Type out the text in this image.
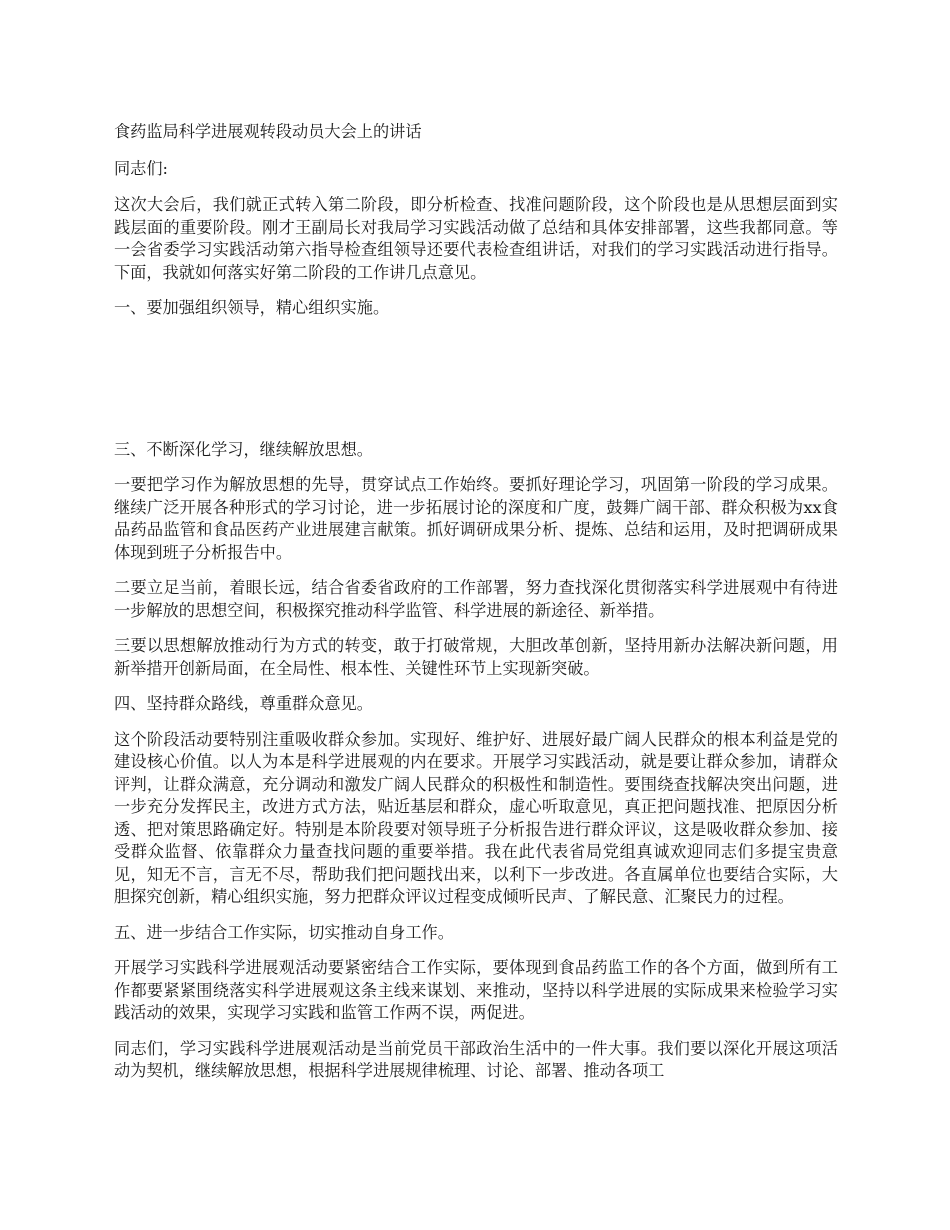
食药监局科学进展观转段动员大会上的讲话

同志们:

这次大会后，我们就正式转入第二阶段，即分析检查、找准问题阶段，这个阶段也是从思想层面到实践层面的重要阶段。刚才王副局长对我局学习实践活动做了总结和具体安排部署，这些我都同意。等一会省委学习实践活动第六指导检查组领导还要代表检查组讲话，对我们的学习实践活动进行指导。下面，我就如何落实好第二阶段的工作讲几点意见。

一、要加强组织领导，精心组织实施。

三、不断深化学习，继续解放思想。

一要把学习作为解放思想的先导，贯穿试点工作始终。要抓好理论学习，巩固第一阶段的学习成果。继续广泛开展各种形式的学习讨论，进一步拓展讨论的深度和广度，鼓舞广阔干部、群众积极为xx食品药品监管和食品医药产业进展建言献策。抓好调研成果分析、提炼、总结和运用，及时把调研成果体现到班子分析报告中。

二要立足当前，着眼长远，结合省委省政府的工作部署，努力查找深化贯彻落实科学进展观中有待进一步解放的思想空间，积极探究推动科学监管、科学进展的新途径、新举措。

三要以思想解放推动行为方式的转变，敢于打破常规，大胆改革创新，坚持用新办法解决新问题，用新举措开创新局面，在全局性、根本性、关键性环节上实现新突破。

四、坚持群众路线，尊重群众意见。

这个阶段活动要特别注重吸收群众参加。实现好、维护好、进展好最广阔人民群众的根本利益是党的建设核心价值。以人为本是科学进展观的内在要求。开展学习实践活动，就是要让群众参加，请群众评判，让群众满意，充分调动和激发广阔人民群众的积极性和制造性。要围绕查找解决突出问题，进一步充分发挥民主，改进方式方法，贴近基层和群众，虚心听取意见，真正把问题找准、把原因分析透、把对策思路确定好。特别是本阶段要对领导班子分析报告进行群众评议，这是吸收群众参加、接受群众监督、依靠群众力量查找问题的重要举措。我在此代表省局党组真诚欢迎同志们多提宝贵意见，知无不言，言无不尽，帮助我们把问题找出来，以利下一步改进。各直属单位也要结合实际，大胆探究创新，精心组织实施，努力把群众评议过程变成倾听民声、了解民意、汇聚民力的过程。

五、进一步结合工作实际，切实推动自身工作。

开展学习实践科学进展观活动要紧密结合工作实际，要体现到食品药监工作的各个方面，做到所有工作都要紧紧围绕落实科学进展观这条主线来谋划、来推动，坚持以科学进展的实际成果来检验学习实践活动的效果，实现学习实践和监管工作两不误，两促进。

同志们，学习实践科学进展观活动是当前党员干部政治生活中的一件大事。我们要以深化开展这项活动为契机，继续解放思想，根据科学进展规律梳理、讨论、部署、推动各项工
